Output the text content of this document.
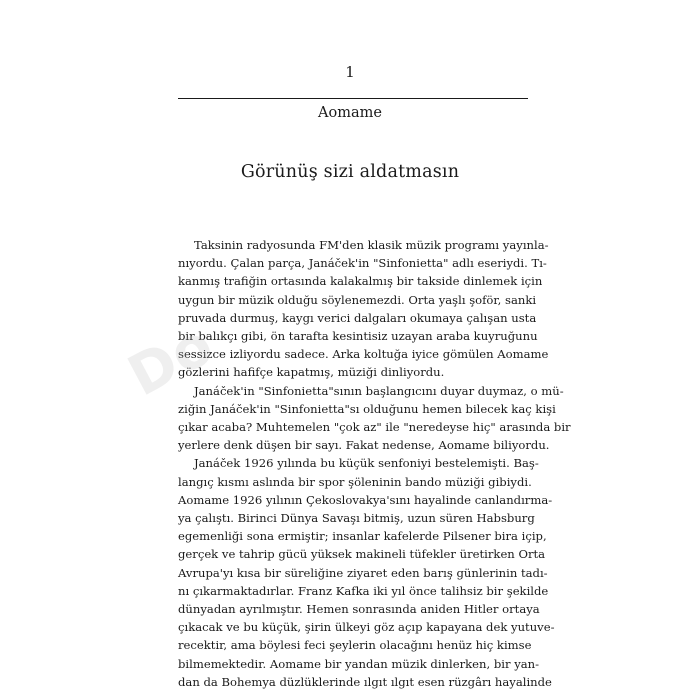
1
Aomame
Görünüş sizi aldatmasın
Taksinin radyosunda FM'den klasik müzik programı yayınla-
nıyordu. Çalan parça, Janáček'in "Sinfonietta" adlı eseriydi. Tı-
kanmış trafiğin ortasında kalakalmış bir takside dinlemek için
uygun bir müzik olduğu söylenemezdi. Orta yaşlı şoför, sanki
pruvada durmuş, kaygı verici dalgaları okumaya çalışan usta
bir balıkçı gibi, ön tarafta kesintisiz uzayan araba kuyruğunu
sessizce izliyordu sadece. Arka koltuğa iyice gömülen Aomame
gözlerini hafifçe kapatmış, müziği dinliyordu.
Janáček'in "Sinfonietta"sının başlangıcını duyar duymaz, o mü-
ziğin Janáček'in "Sinfonietta"sı olduğunu hemen bilecek kaç kişi
çıkar acaba? Muhtemelen "çok az" ile "neredeyse hiç" arasında bir
yerlere denk düşen bir sayı. Fakat nedense, Aomame biliyordu.
Janáček 1926 yılında bu küçük senfoniyi bestelemişti. Baş-
langıç kısmı aslında bir spor şöleninin bando müziği gibiydi.
Aomame 1926 yılının Çekoslovakya'sını hayalinde canlandırma-
ya çalıştı. Birinci Dünya Savaşı bitmiş, uzun süren Habsburg
egemenliği sona ermiştir; insanlar kafelerde Pilsener bira içip,
gerçek ve tahrip gücü yüksek makineli tüfekler üretirken Orta
Avrupa'yı kısa bir süreliğine ziyaret eden barış günlerinin tadı-
nı çıkarmaktadırlar. Franz Kafka iki yıl önce talihsiz bir şekilde
dünyadan ayrılmıştır. Hemen sonrasında aniden Hitler ortaya
çıkacak ve bu küçük, şirin ülkeyi göz açıp kapayana dek yutuve-
recektir, ama böylesi feci şeylerin olacağını henüz hiç kimse
bilmemektedir. Aomame bir yandan müzik dinlerken, bir yan-
dan da Bohemya düzlüklerinde ılgıt ılgıt esen rüzgârı hayalinde
Do
